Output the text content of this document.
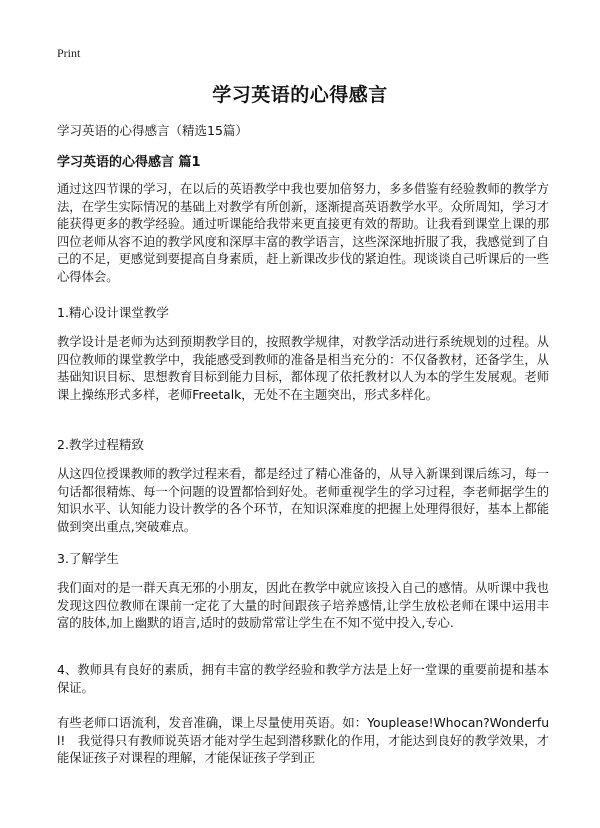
Print
学习英语的心得感言

学习英语的心得感言（精选15篇）

学习英语的心得感言 篇1

通过这四节课的学习，在以后的英语教学中我也要加倍努力，多多借鉴有经验教师的教学方法，在学生实际情况的基础上对教学有所创新，逐渐提高英语教学水平。众所周知，学习才能获得更多的教学经验。通过听课能给我带来更直接更有效的帮助。让我看到课堂上课的那四位老师从容不迫的教学风度和深厚丰富的教学语言，这些深深地折服了我，我感觉到了自己的不足，更感觉到要提高自身素质，赶上新课改步伐的紧迫性。现谈谈自己听课后的一些心得体会。

1.精心设计课堂教学

教学设计是老师为达到预期教学目的，按照教学规律，对教学活动进行系统规划的过程。从四位教师的课堂教学中，我能感受到教师的准备是相当充分的：不仅备教材，还备学生，从基础知识目标、思想教育目标到能力目标，都体现了依托教材以人为本的学生发展观。老师课上操练形式多样，老师Freetalk，无处不在主题突出，形式多样化。

2.教学过程精致

从这四位授课教师的教学过程来看，都是经过了精心准备的，从导入新课到课后练习，每一句话都很精炼、每一个问题的设置都恰到好处。老师重视学生的学习过程，李老师据学生的知识水平、认知能力设计教学的各个环节，在知识深难度的把握上处理得很好，基本上都能做到突出重点,突破难点。

3.了解学生

我们面对的是一群天真无邪的小朋友，因此在教学中就应该投入自己的感情。从听课中我也发现这四位教师在课前一定花了大量的时间跟孩子培养感情,让学生放松老师在课中运用丰富的肢体,加上幽默的语言,适时的鼓励常常让学生在不知不觉中投入,专心.

4、教师具有良好的素质，拥有丰富的教学经验和教学方法是上好一堂课的重要前提和基本保证。

有些老师口语流利，发音准确，课上尽量使用英语。如：Youplease!Whocan?Wonderful!　我觉得只有教师说英语才能对学生起到潜移默化的作用，才能达到良好的教学效果，才能保证孩子对课程的理解，才能保证孩子学到正
